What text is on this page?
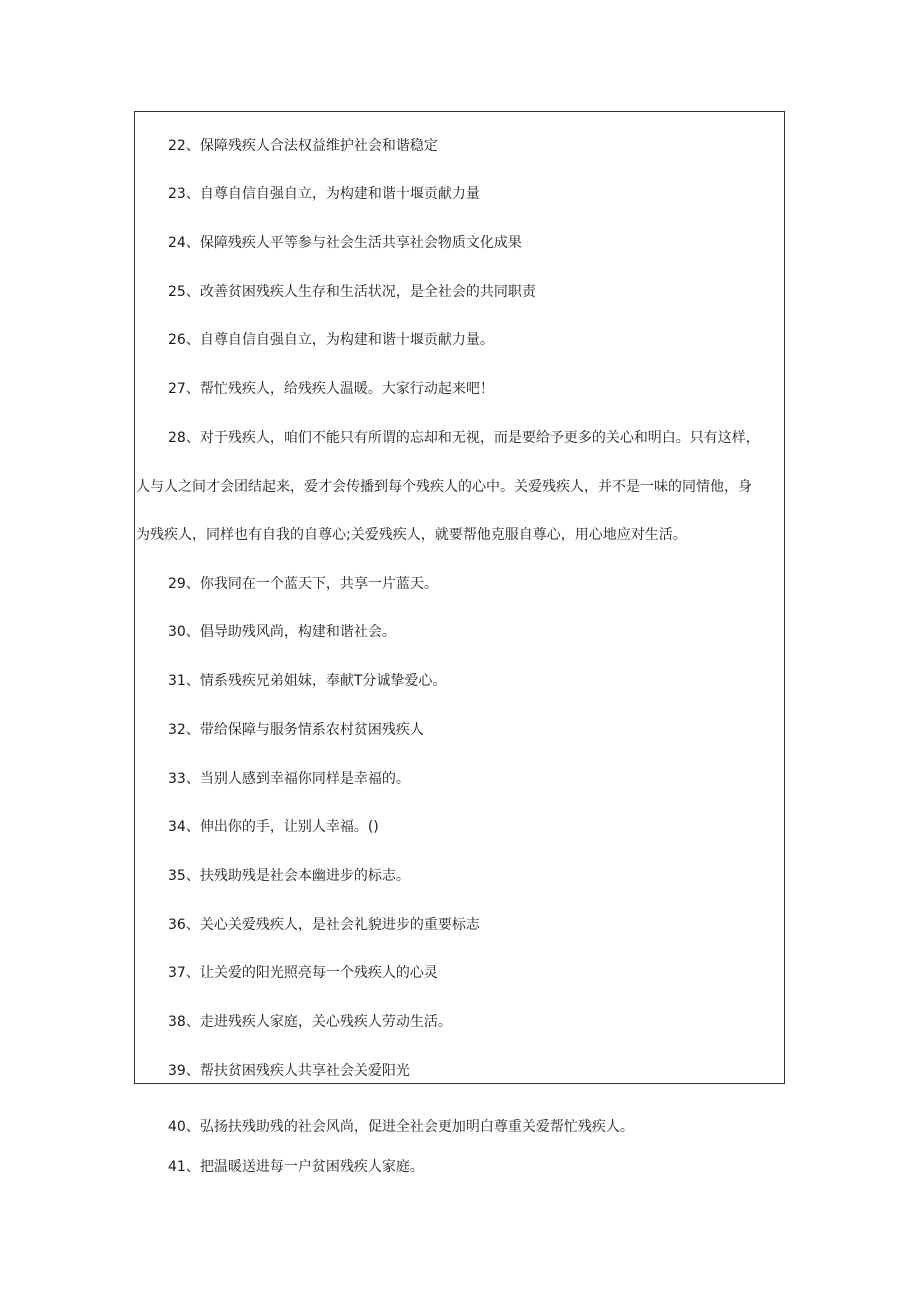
22、保障残疾人合法权益维护社会和谐稳定
23、自尊自信自强自立，为构建和谐十堰贡献力量
24、保障残疾人平等参与社会生活共享社会物质文化成果
25、改善贫困残疾人生存和生活状况，是全社会的共同职责
26、自尊自信自强自立，为构建和谐十堰贡献力量。
27、帮忙残疾人，给残疾人温暖。大家行动起来吧！
28、对于残疾人，咱们不能只有所谓的忘却和无视，而是要给予更多的关心和明白。只有这样，
人与人之间才会团结起来，爱才会传播到每个残疾人的心中。关爱残疾人，并不是一味的同情他，身
为残疾人，同样也有自我的自尊心;关爱残疾人，就要帮他克服自尊心，用心地应对生活。
29、你我同在一个蓝天下，共享一片蓝天。
30、倡导助残风尚，构建和谐社会。
31、情系残疾兄弟姐妹，奉献T分诚挚爱心。
32、带给保障与服务情系农村贫困残疾人
33、当别人感到幸福你同样是幸福的。
34、伸出你的手，让别人幸福。()
35、扶残助残是社会本幽进步的标志。
36、关心关爱残疾人，是社会礼貌进步的重要标志
37、让关爱的阳光照亮每一个残疾人的心灵
38、走进残疾人家庭，关心残疾人劳动生活。
39、帮扶贫困残疾人共享社会关爱阳光
40、弘扬扶残助残的社会风尚，促进全社会更加明白尊重关爱帮忙残疾人。
41、把温暖送进每一户贫困残疾人家庭。
